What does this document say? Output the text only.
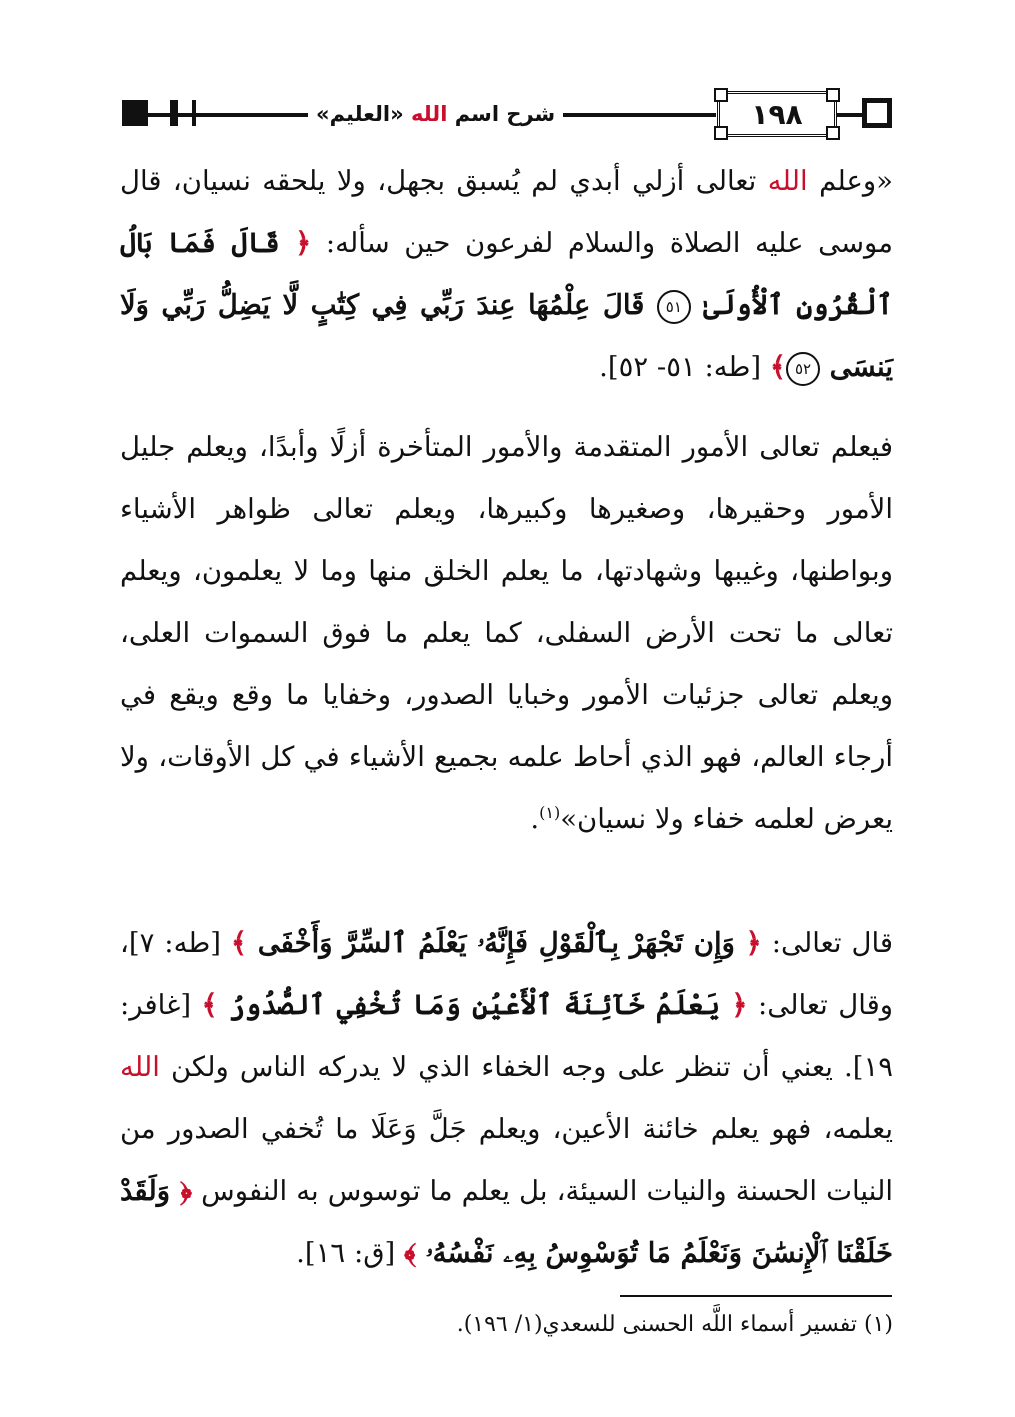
شرح اسم

الله

«العليم»	١٩٨

«وعلم الله تعالى أزلي أبدي لم يُسبق بجهل، ولا يلحقه نسيان، قال موسى عليه الصلاة والسلام لفرعون حين سأله: ﴿ قَالَ فَمَا بَالُ ٱلْقُرُونِ ٱلْأُولَىٰ ٥١ قَالَ عِلْمُهَا عِندَ رَبِّي فِي كِتَٰبٍ لَّا يَضِلُّ رَبِّي وَلَا يَنسَى ٥٢﴾ [طه: ٥١- ٥٢].

فيعلم تعالى الأمور المتقدمة والأمور المتأخرة أزلًا وأبدًا، ويعلم جليل الأمور وحقيرها، وصغيرها وكبيرها، ويعلم تعالى ظواهر الأشياء وبواطنها، وغيبها وشهادتها، ما يعلم الخلق منها وما لا يعلمون، ويعلم تعالى ما تحت الأرض السفلى، كما يعلم ما فوق السموات العلى، ويعلم تعالى جزئيات الأمور وخبايا الصدور، وخفايا ما وقع ويقع في أرجاء العالم، فهو الذي أحاط علمه بجميع الأشياء في كل الأوقات، ولا يعرض لعلمه خفاء ولا نسيان»$^{(١)}$.

قال تعالى: ﴿ وَإِن تَجْهَرْ بِٱلْقَوْلِ فَإِنَّهُۥ يَعْلَمُ ٱلسِّرَّ وَأَخْفَى ﴾ [طه: ٧]، وقال تعالى: ﴿ يَعْلَمُ خَآئِنَةَ ٱلْأَعْيُنِ وَمَا تُخْفِي ٱلصُّدُورُ ﴾ [غافر: ١٩]. يعني أن تنظر على وجه الخفاء الذي لا يدركه الناس ولكن الله يعلمه، فهو يعلم خائنة الأعين، ويعلم جَلَّ وَعَلَا ما تُخفي الصدور من النيات الحسنة والنيات السيئة، بل يعلم ما توسوس به النفوس ﴿ وَلَقَدْ خَلَقْنَا ٱلْإِنسَٰنَ وَنَعْلَمُ مَا تُوَسْوِسُ بِهِۦ نَفْسُهُۥ ﴾ [ق: ١٦].

(١) تفسير أسماء اللَّه الحسنى للسعدي(١/ ١٩٦).
